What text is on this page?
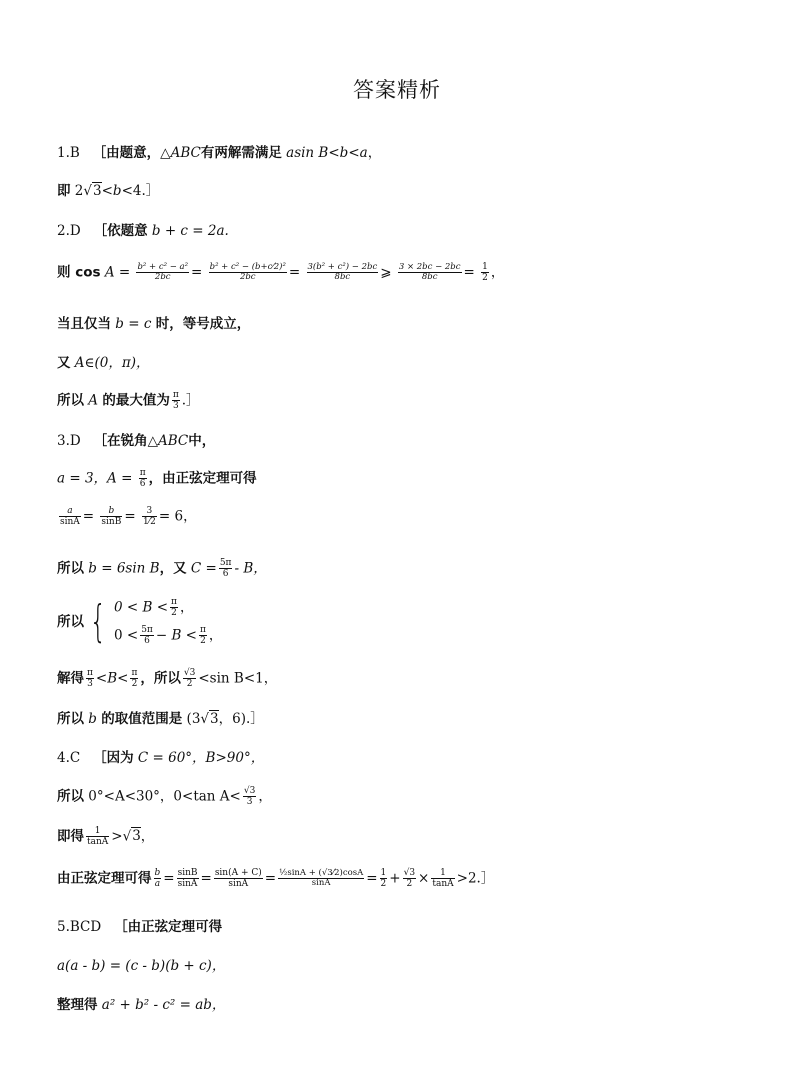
答案精析
1.B ［由题意，△ABC有两解需满足 asin B<b<a，
即 2√3<b<4.］
2.D ［依题意 b + c = 2a.
则 $\cos A = \frac{\text{b² + c² − a²}}{2bc} = \frac{\text{b² + c² − (b+c⁄2)²}}{2bc} = \frac{\text{3(b² + c²) − 2bc}}{8bc}$ ⩾ $\frac{3 \times 2bc - 2bc}{8bc} = \frac{1}{2}$ ，
当且仅当 b = c 时，等号成立，
又 A∈(0，π)，
所以 A 的最大值为 $\frac{\pi}{3}$ .］
3.D ［在锐角△ABC中，
a = 3，$A = \frac{\pi}{6}$ ，由正弦定理可得
$\frac{a}{\sin A} = \frac{b}{\sin B} = \frac{3}{1⁄2} = 6$，
所以 b = 6sin B，又 $C = \frac{5\pi}{6} - B$，
所以 { $0 < B < \frac{\pi}{2}$ ，
$0 < \frac{5\pi}{6} - B < \frac{\pi}{2}$ ，
解得 $\frac{\pi}{3} <B< \frac{\pi}{2}$ ，所以 $\frac{√3}{2} <\sin$ B<1，
所以 b 的取值范围是 (3√3，6).］
4.C ［因为 C = 60°，B>90°，
所以 0°<A<30°，0<tan $A< \frac{√3}{3}$ ，
即得 $\frac{1}{\tan A} >√3$，
由正弦定理可得 $\frac{b}{a} = \frac{\sin B}{\sin A} = \frac{\sin(A + C)}{\sin A} = \frac{\text{½sinA + (√3⁄2)cosA}}{\sin A} = \frac{1}{2} + \frac{√3}{2} \times \frac{1}{\tan A}$ >2.］
5.BCD ［由正弦定理可得
a(a - b) = (c - b)(b + c)，
整理得 a² + b² - c² = ab，
